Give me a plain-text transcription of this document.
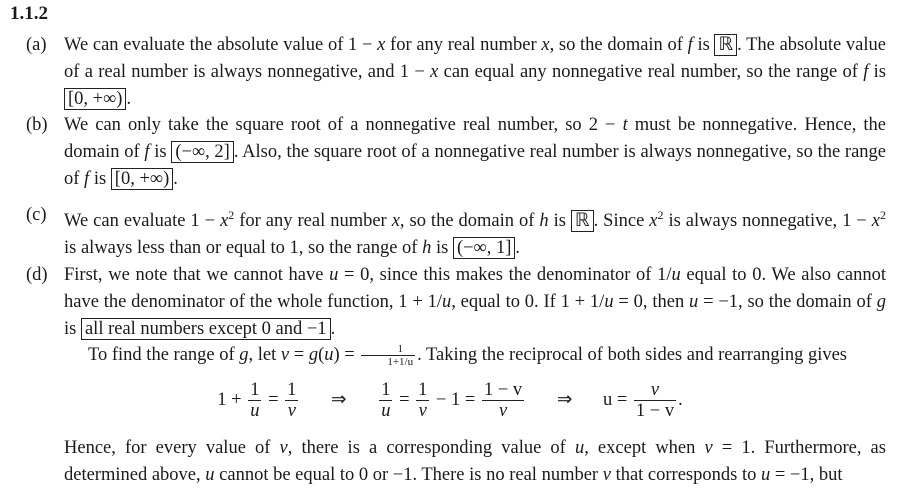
1.1.2
(a) We can evaluate the absolute value of 1 − x for any real number x, so the domain of f is ℝ . The absolute value of a real number is always nonnegative, and 1 − x can equal any nonnegative real number, so the range of f is [0, +∞) .
(b) We can only take the square root of a nonnegative real number, so 2 − t must be nonnegative. Hence, the domain of f is (−∞, 2] . Also, the square root of a nonnegative real number is always nonnegative, so the range of f is [0, +∞) .
(c) We can evaluate $1 - x^2$ for any real number x, so the domain of h is ℝ . Since $x^2$ is always nonnegative, $1 - x^2$ is always less than or equal to 1, so the range of h is (−∞, 1] .
(d) First, we note that we cannot have u = 0, since this makes the denominator of 1/u equal to 0. We also cannot have the denominator of the whole function, 1 + 1/u, equal to 0. If 1 + 1/u = 0, then u = −1, so the domain of g is all real numbers except 0 and −1 .
To find the range of g, let $v = g(u) = \frac{1}{1+1/u}$ . Taking the reciprocal of both sides and rearranging gives
$1 + \frac{1}{u} = \frac{1}{v}$ ⇒ $\frac{1}{u} = \frac{1}{v} - 1 = \frac{1 - v}{v}$ ⇒ $u = \frac{v}{1 - v}$ .
Hence, for every value of v, there is a corresponding value of u, except when v = 1. Furthermore, as determined above, u cannot be equal to 0 or −1. There is no real number v that corresponds to u = −1, but
